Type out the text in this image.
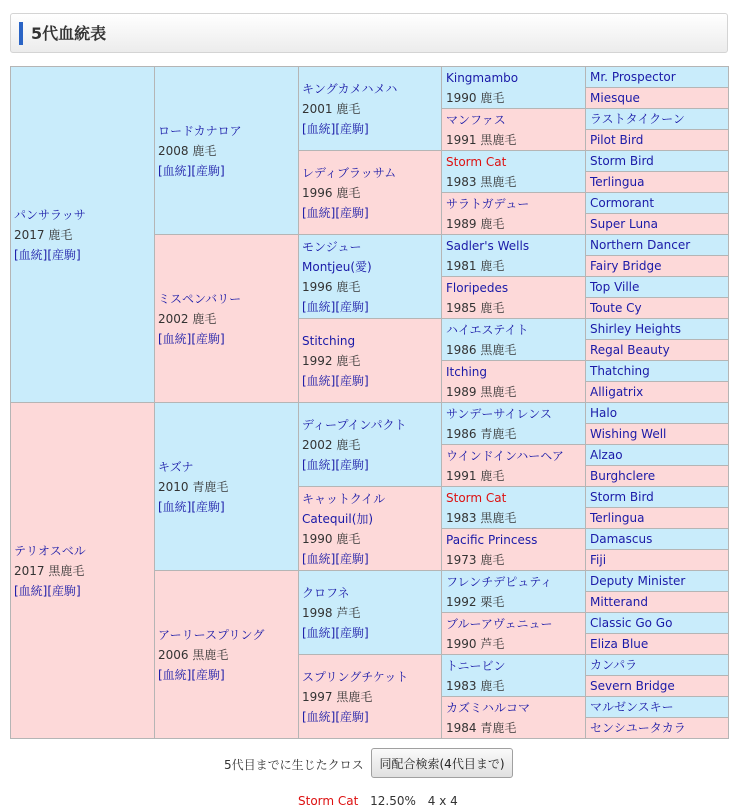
5代血統表
パンサラッサ
2017 鹿毛
[血統][産駒]
テリオスベル
2017 黒鹿毛
[血統][産駒]
ロードカナロア
2008 鹿毛
[血統][産駒]
ミスペンバリー
2002 鹿毛
[血統][産駒]
キズナ
2010 青鹿毛
[血統][産駒]
アーリースプリング
2006 黒鹿毛
[血統][産駒]
キングカメハメハ
2001 鹿毛
[血統][産駒]
レディブラッサム
1996 鹿毛
[血統][産駒]
モンジュー
Montjeu(愛)
1996 鹿毛
[血統][産駒]
Stitching
1992 鹿毛
[血統][産駒]
ディープインパクト
2002 鹿毛
[血統][産駒]
キャットクイル
Catequil(加)
1990 鹿毛
[血統][産駒]
クロフネ
1998 芦毛
[血統][産駒]
スプリングチケット
1997 黒鹿毛
[血統][産駒]
Kingmambo
1990 鹿毛
マンファス
1991 黒鹿毛
Storm Cat
1983 黒鹿毛
サラトガデュー
1989 鹿毛
Sadler's Wells
1981 鹿毛
Floripedes
1985 鹿毛
ハイエステイト
1986 黒鹿毛
Itching
1989 黒鹿毛
サンデーサイレンス
1986 青鹿毛
ウインドインハーヘア
1991 鹿毛
Storm Cat
1983 黒鹿毛
Pacific Princess
1973 鹿毛
フレンチデピュティ
1992 栗毛
ブルーアヴェニュー
1990 芦毛
トニービン
1983 鹿毛
カズミハルコマ
1984 青鹿毛
Mr. Prospector
Miesque
ラストタイクーン
Pilot Bird
Storm Bird
Terlingua
Cormorant
Super Luna
Northern Dancer
Fairy Bridge
Top Ville
Toute Cy
Shirley Heights
Regal Beauty
Thatching
Alligatrix
Halo
Wishing Well
Alzao
Burghclere
Storm Bird
Terlingua
Damascus
Fiji
Deputy Minister
Mitterand
Classic Go Go
Eliza Blue
カンパラ
Severn Bridge
マルゼンスキー
センシユータカラ
5代目までに生じたクロス	同配合検索(4代目まで)
Storm Cat 12.50% 4 x 4
